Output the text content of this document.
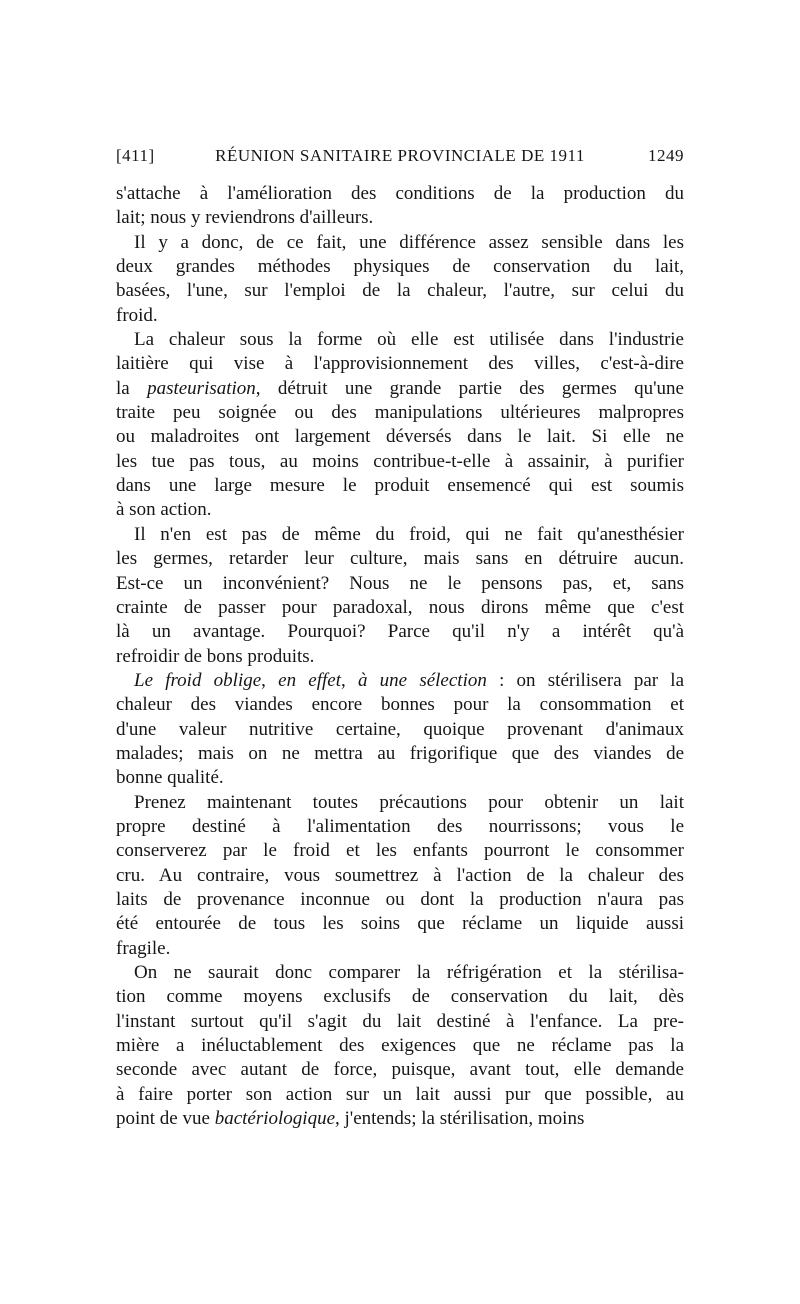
[411]	RÉUNION SANITAIRE PROVINCIALE DE 1911	1249
s'attache à l'amélioration des conditions de la production du
lait; nous y reviendrons d'ailleurs.
Il y a donc, de ce fait, une différence assez sensible dans les
deux grandes méthodes physiques de conservation du lait,
basées, l'une, sur l'emploi de la chaleur, l'autre, sur celui du
froid.
La chaleur sous la forme où elle est utilisée dans l'industrie
laitière qui vise à l'approvisionnement des villes, c'est-à-dire
la pasteurisation, détruit une grande partie des germes qu'une
traite peu soignée ou des manipulations ultérieures malpropres
ou maladroites ont largement déversés dans le lait. Si elle ne
les tue pas tous, au moins contribue-t-elle à assainir, à purifier
dans une large mesure le produit ensemencé qui est soumis
à son action.
Il n'en est pas de même du froid, qui ne fait qu'anesthésier
les germes, retarder leur culture, mais sans en détruire aucun.
Est-ce un inconvénient? Nous ne le pensons pas, et, sans
crainte de passer pour paradoxal, nous dirons même que c'est
là un avantage. Pourquoi? Parce qu'il n'y a intérêt qu'à
refroidir de bons produits.
Le froid oblige, en effet, à une sélection : on stérilisera par la
chaleur des viandes encore bonnes pour la consommation et
d'une valeur nutritive certaine, quoique provenant d'animaux
malades; mais on ne mettra au frigorifique que des viandes de
bonne qualité.
Prenez maintenant toutes précautions pour obtenir un lait
propre destiné à l'alimentation des nourrissons; vous le
conserverez par le froid et les enfants pourront le consommer
cru. Au contraire, vous soumettrez à l'action de la chaleur des
laits de provenance inconnue ou dont la production n'aura pas
été entourée de tous les soins que réclame un liquide aussi
fragile.
On ne saurait donc comparer la réfrigération et la stérilisa-
tion comme moyens exclusifs de conservation du lait, dès
l'instant surtout qu'il s'agit du lait destiné à l'enfance. La pre-
mière a inéluctablement des exigences que ne réclame pas la
seconde avec autant de force, puisque, avant tout, elle demande
à faire porter son action sur un lait aussi pur que possible, au
point de vue bactériologique, j'entends; la stérilisation, moins
